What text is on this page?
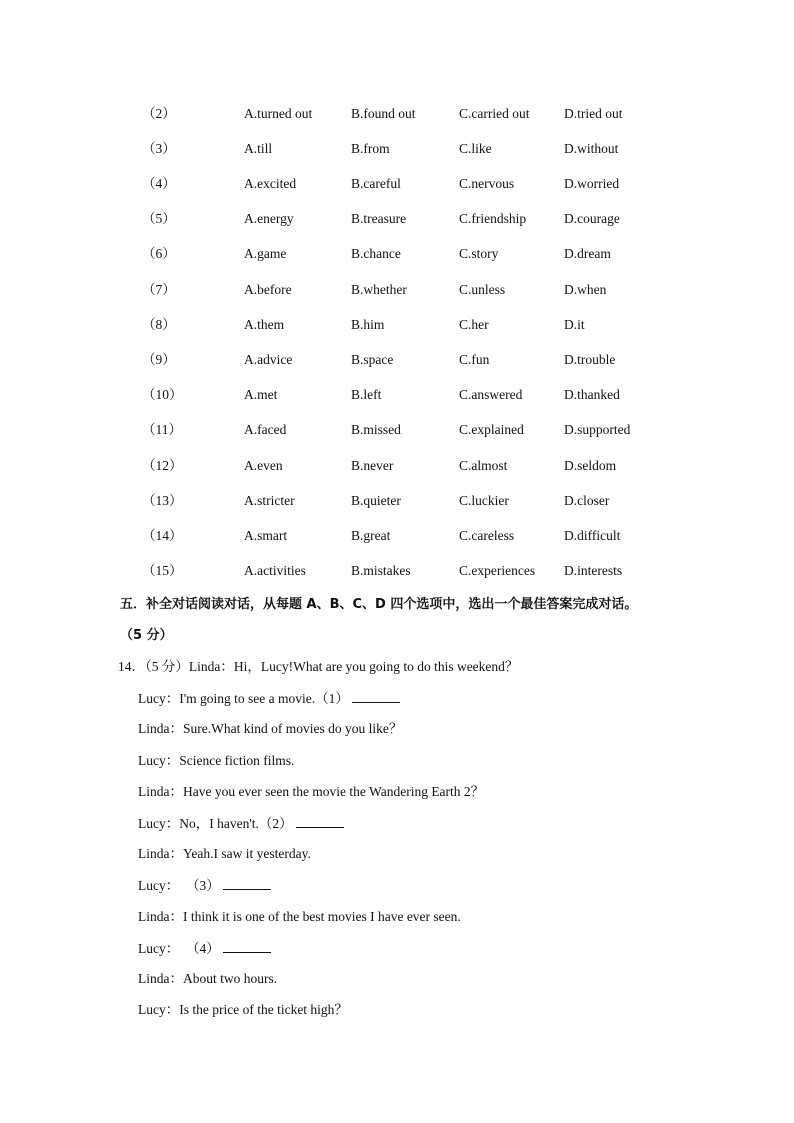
（2）	A.turned out	B.found out	C.carried out	D.tried out
（3）	A.till	B.from	C.like	D.without
（4）	A.excited	B.careful	C.nervous	D.worried
（5）	A.energy	B.treasure	C.friendship	D.courage
（6）	A.game	B.chance	C.story	D.dream
（7）	A.before	B.whether	C.unless	D.when
（8）	A.them	B.him	C.her	D.it
（9）	A.advice	B.space	C.fun	D.trouble
（10）	A.met	B.left	C.answered	D.thanked
（11）	A.faced	B.missed	C.explained	D.supported
（12）	A.even	B.never	C.almost	D.seldom
（13）	A.stricter	B.quieter	C.luckier	D.closer
（14）	A.smart	B.great	C.careless	D.difficult
（15）	A.activities	B.mistakes	C.experiences D.interests
五．补全对话阅读对话，从每题 A、B、C、D 四个选项中，选出一个最佳答案完成对话。
（5 分）
14．（5 分）Linda：Hi，Lucy!What are you going to do this weekend？
Lucy：I'm going to see a movie.（1）
Linda：Sure.What kind of movies do you like？
Lucy：Science fiction films.
Linda：Have you ever seen the movie the Wandering Earth 2？
Lucy：No，I haven't.（2）
Linda：Yeah.I saw it yesterday.
Lucy：  （3）
Linda：I think it is one of the best movies I have ever seen.
Lucy：  （4）
Linda：About two hours.
Lucy：Is the price of the ticket high？
